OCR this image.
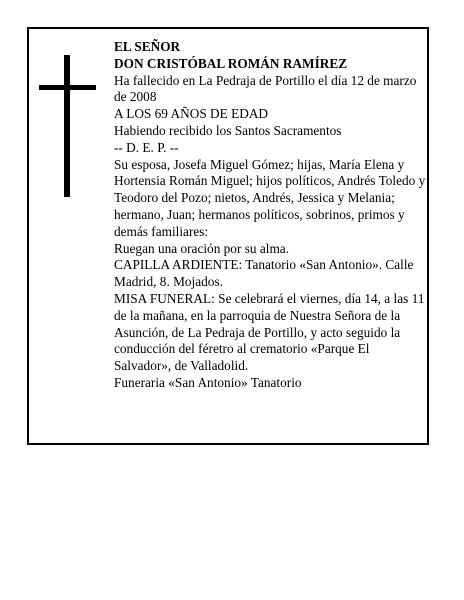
EL SEÑOR

DON CRISTÓBAL ROMÁN RAMÍREZ

Ha fallecido en La Pedraja de Portillo el día 12 de marzo de 2008

A LOS 69 AÑOS DE EDAD

Habiendo recibido los Santos Sacramentos

-- D. E. P. --

Su esposa, Josefa Miguel Gómez; hijas, María Elena y Hortensia Román Miguel; hijos políticos, Andrés Toledo y Teodoro del Pozo; nietos, Andrés, Jessica y Melania; hermano, Juan; hermanos políticos, sobrinos, primos y demás familiares:

Ruegan una oración por su alma.

CAPILLA ARDIENTE: Tanatorio «San Antonio». Calle Madrid, 8. Mojados.

MISA FUNERAL: Se celebrará el viernes, día 14, a las 11 de la mañana, en la parroquia de Nuestra Señora de la Asunción, de La Pedraja de Portillo, y acto seguido la conducción del féretro al crematorio «Parque El Salvador», de Valladolid.

Funeraria «San Antonio» Tanatorio
